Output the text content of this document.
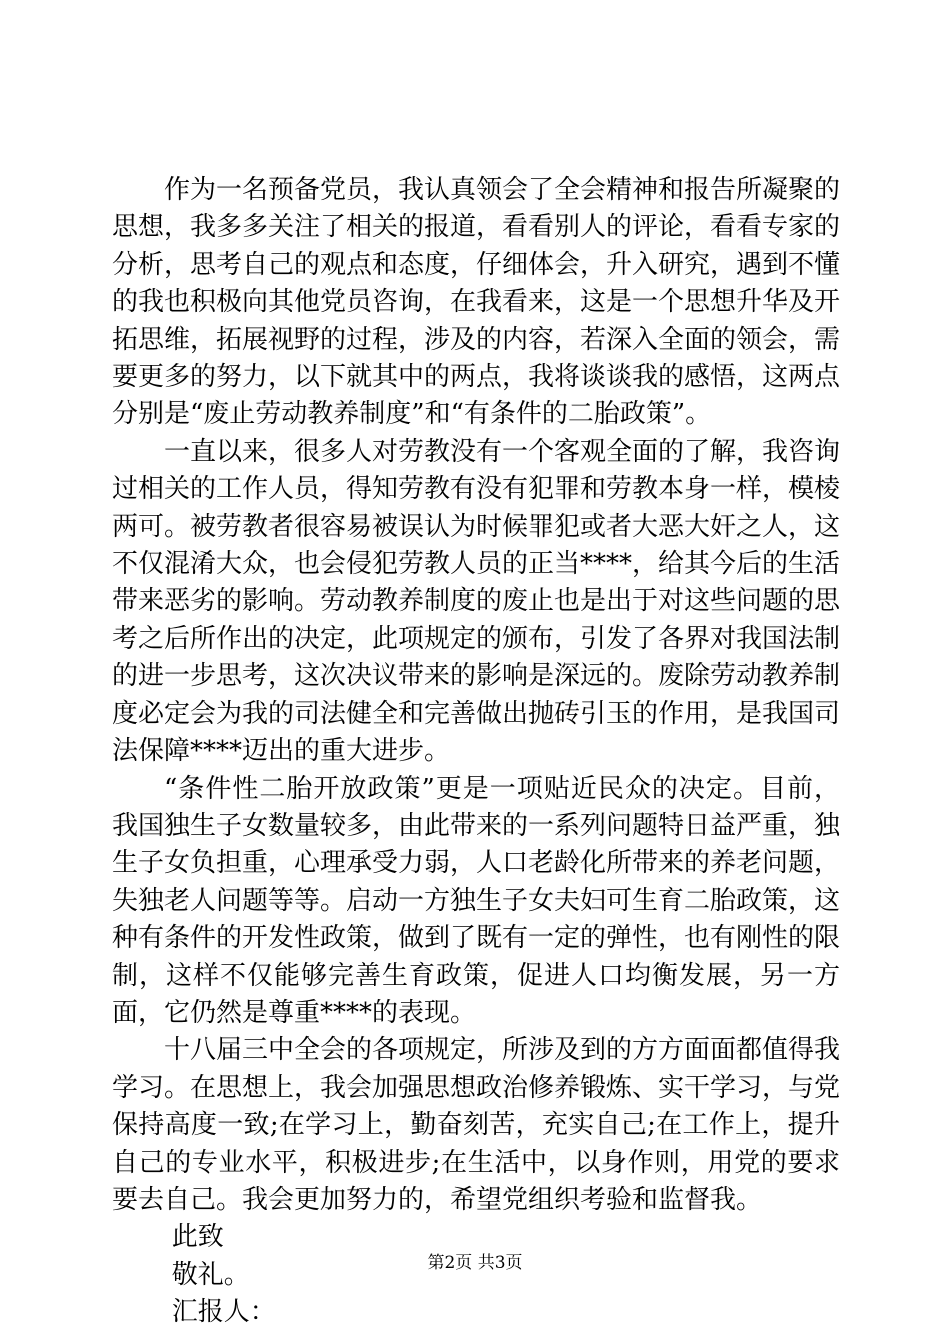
作为一名预备党员，我认真领会了全会精神和报告所凝聚的思想，我多多关注了相关的报道，看看别人的评论，看看专家的分析，思考自己的观点和态度，仔细体会，升入研究，遇到不懂的我也积极向其他党员咨询，在我看来，这是一个思想升华及开拓思维，拓展视野的过程，涉及的内容，若深入全面的领会，需要更多的努力，以下就其中的两点，我将谈谈我的感悟，这两点分别是“废止劳动教养制度”和“有条件的二胎政策”。

一直以来，很多人对劳教没有一个客观全面的了解，我咨询过相关的工作人员，得知劳教有没有犯罪和劳教本身一样，模棱两可。被劳教者很容易被误认为时候罪犯或者大恶大奸之人，这不仅混淆大众，也会侵犯劳教人员的正当****，给其今后的生活带来恶劣的影响。劳动教养制度的废止也是出于对这些问题的思考之后所作出的决定，此项规定的颁布，引发了各界对我国法制的进一步思考，这次决议带来的影响是深远的。废除劳动教养制度必定会为我的司法健全和完善做出抛砖引玉的作用，是我国司法保障****迈出的重大进步。

“条件性二胎开放政策”更是一项贴近民众的决定。目前，我国独生子女数量较多，由此带来的一系列问题特日益严重，独生子女负担重，心理承受力弱，人口老龄化所带来的养老问题，失独老人问题等等。启动一方独生子女夫妇可生育二胎政策，这种有条件的开发性政策，做到了既有一定的弹性，也有刚性的限制，这样不仅能够完善生育政策，促进人口均衡发展，另一方面，它仍然是尊重****的表现。

十八届三中全会的各项规定，所涉及到的方方面面都值得我学习。在思想上，我会加强思想政治修养锻炼、实干学习，与党保持高度一致;在学习上，勤奋刻苦，充实自己;在工作上，提升自己的专业水平，积极进步;在生活中，以身作则，用党的要求要去自己。我会更加努力的，希望党组织考验和监督我。

此致

敬礼。

汇报人：

第2页 共3页
